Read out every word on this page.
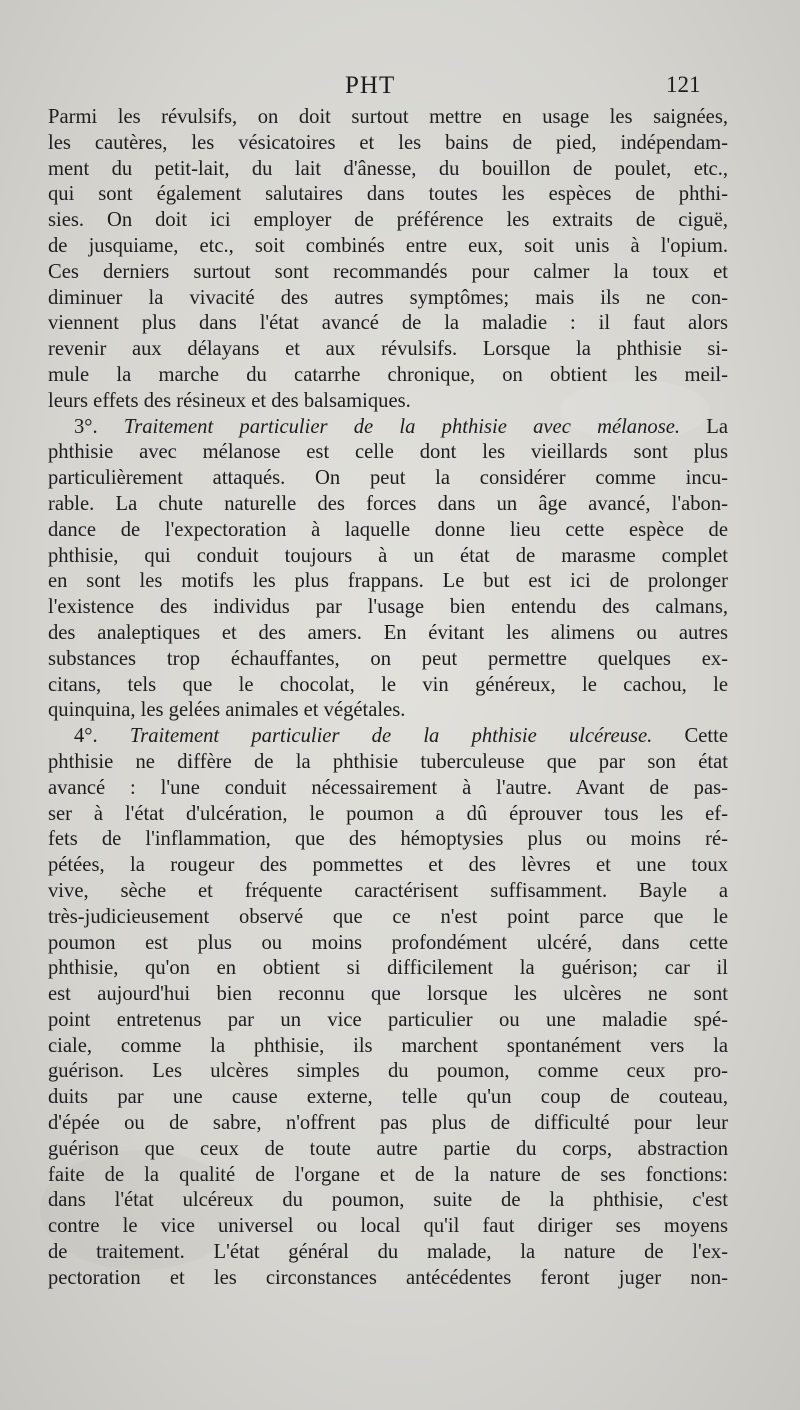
PHT	121
Parmi les révulsifs, on doit surtout mettre en usage les saignées,
les cautères, les vésicatoires et les bains de pied, indépendam-
ment du petit-lait, du lait d'ânesse, du bouillon de poulet, etc.,
qui sont également salutaires dans toutes les espèces de phthi-
sies. On doit ici employer de préférence les extraits de ciguë,
de jusquiame, etc., soit combinés entre eux, soit unis à l'opium.
Ces derniers surtout sont recommandés pour calmer la toux et
diminuer la vivacité des autres symptômes; mais ils ne con-
viennent plus dans l'état avancé de la maladie : il faut alors
revenir aux délayans et aux révulsifs. Lorsque la phthisie si-
mule la marche du catarrhe chronique, on obtient les meil-
leurs effets des résineux et des balsamiques.
3°. Traitement particulier de la phthisie avec mélanose. La
phthisie avec mélanose est celle dont les vieillards sont plus
particulièrement attaqués. On peut la considérer comme incu-
rable. La chute naturelle des forces dans un âge avancé, l'abon-
dance de l'expectoration à laquelle donne lieu cette espèce de
phthisie, qui conduit toujours à un état de marasme complet
en sont les motifs les plus frappans. Le but est ici de prolonger
l'existence des individus par l'usage bien entendu des calmans,
des analeptiques et des amers. En évitant les alimens ou autres
substances trop échauffantes, on peut permettre quelques ex-
citans, tels que le chocolat, le vin généreux, le cachou, le
quinquina, les gelées animales et végétales.
4°. Traitement particulier de la phthisie ulcéreuse. Cette
phthisie ne diffère de la phthisie tuberculeuse que par son état
avancé : l'une conduit nécessairement à l'autre. Avant de pas-
ser à l'état d'ulcération, le poumon a dû éprouver tous les ef-
fets de l'inflammation, que des hémoptysies plus ou moins ré-
pétées, la rougeur des pommettes et des lèvres et une toux
vive, sèche et fréquente caractérisent suffisamment. Bayle a
très-judicieusement observé que ce n'est point parce que le
poumon est plus ou moins profondément ulcéré, dans cette
phthisie, qu'on en obtient si difficilement la guérison; car il
est aujourd'hui bien reconnu que lorsque les ulcères ne sont
point entretenus par un vice particulier ou une maladie spé-
ciale, comme la phthisie, ils marchent spontanément vers la
guérison. Les ulcères simples du poumon, comme ceux pro-
duits par une cause externe, telle qu'un coup de couteau,
d'épée ou de sabre, n'offrent pas plus de difficulté pour leur
guérison que ceux de toute autre partie du corps, abstraction
faite de la qualité de l'organe et de la nature de ses fonctions:
dans l'état ulcéreux du poumon, suite de la phthisie, c'est
contre le vice universel ou local qu'il faut diriger ses moyens
de traitement. L'état général du malade, la nature de l'ex-
pectoration et les circonstances antécédentes feront juger non-
